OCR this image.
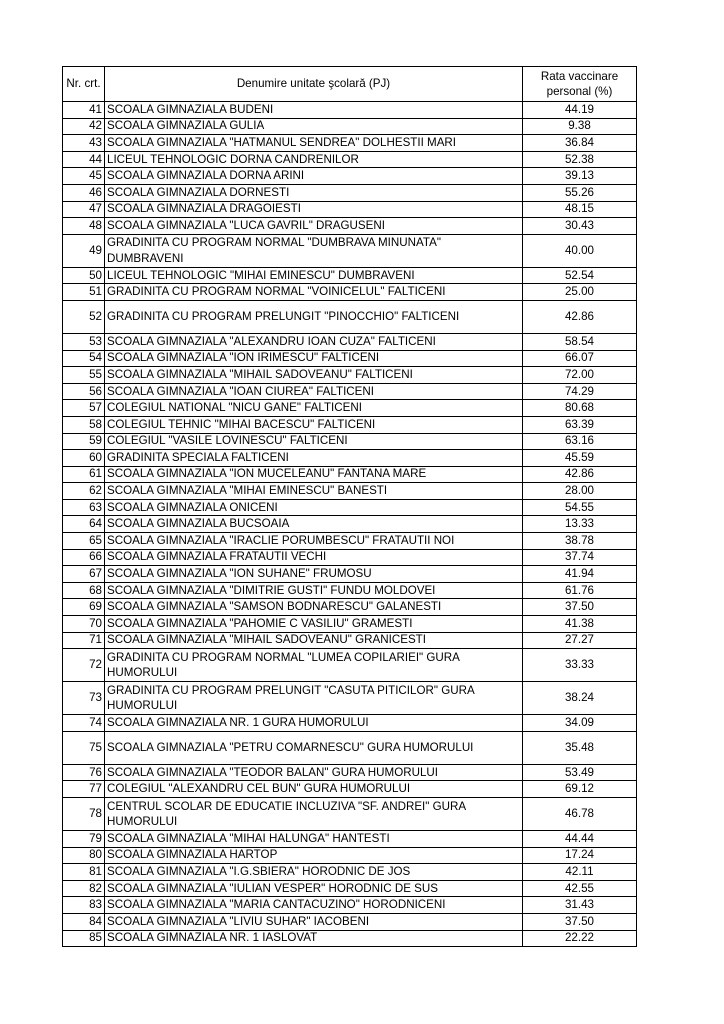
Nr. crt.	Denumire unitate şcolară (PJ)	Rata vaccinare personal (%)
41	SCOALA GIMNAZIALA BUDENI	44.19
42	SCOALA GIMNAZIALA GULIA	9.38
43	SCOALA GIMNAZIALA "HATMANUL SENDREA" DOLHESTII MARI	36.84
44	LICEUL TEHNOLOGIC DORNA CANDRENILOR	52.38
45	SCOALA GIMNAZIALA DORNA ARINI	39.13
46	SCOALA GIMNAZIALA DORNESTI	55.26
47	SCOALA GIMNAZIALA DRAGOIESTI	48.15
48	SCOALA GIMNAZIALA "LUCA GAVRIL" DRAGUSENI	30.43
49	GRADINITA CU PROGRAM NORMAL "DUMBRAVA MINUNATA" DUMBRAVENI	40.00
50	LICEUL TEHNOLOGIC "MIHAI EMINESCU" DUMBRAVENI	52.54
51	GRADINITA CU PROGRAM NORMAL "VOINICELUL" FALTICENI	25.00
52	GRADINITA CU PROGRAM PRELUNGIT "PINOCCHIO" FALTICENI	42.86
53	SCOALA GIMNAZIALA "ALEXANDRU IOAN CUZA" FALTICENI	58.54
54	SCOALA GIMNAZIALA "ION IRIMESCU" FALTICENI	66.07
55	SCOALA GIMNAZIALA "MIHAIL SADOVEANU" FALTICENI	72.00
56	SCOALA GIMNAZIALA "IOAN CIUREA" FALTICENI	74.29
57	COLEGIUL NATIONAL "NICU GANE" FALTICENI	80.68
58	COLEGIUL TEHNIC "MIHAI BACESCU" FALTICENI	63.39
59	COLEGIUL "VASILE LOVINESCU" FALTICENI	63.16
60	GRADINITA SPECIALA FALTICENI	45.59
61	SCOALA GIMNAZIALA "ION MUCELEANU" FANTANA MARE	42.86
62	SCOALA GIMNAZIALA "MIHAI EMINESCU" BANESTI	28.00
63	SCOALA GIMNAZIALA ONICENI	54.55
64	SCOALA GIMNAZIALA BUCSOAIA	13.33
65	SCOALA GIMNAZIALA "IRACLIE PORUMBESCU" FRATAUTII NOI	38.78
66	SCOALA GIMNAZIALA FRATAUTII VECHI	37.74
67	SCOALA GIMNAZIALA "ION SUHANE" FRUMOSU	41.94
68	SCOALA GIMNAZIALA "DIMITRIE GUSTI" FUNDU MOLDOVEI	61.76
69	SCOALA GIMNAZIALA "SAMSON BODNARESCU" GALANESTI	37.50
70	SCOALA GIMNAZIALA "PAHOMIE C VASILIU" GRAMESTI	41.38
71	SCOALA GIMNAZIALA "MIHAIL SADOVEANU" GRANICESTI	27.27
72	GRADINITA CU PROGRAM NORMAL "LUMEA COPILARIEI" GURA HUMORULUI	33.33
73	GRADINITA CU PROGRAM PRELUNGIT "CASUTA PITICILOR" GURA HUMORULUI	38.24
74	SCOALA GIMNAZIALA NR. 1 GURA HUMORULUI	34.09
75	SCOALA GIMNAZIALA "PETRU COMARNESCU" GURA HUMORULUI	35.48
76	SCOALA GIMNAZIALA "TEODOR BALAN" GURA HUMORULUI	53.49
77	COLEGIUL "ALEXANDRU CEL BUN" GURA HUMORULUI	69.12
78	CENTRUL SCOLAR DE EDUCATIE INCLUZIVA "SF. ANDREI" GURA HUMORULUI	46.78
79	SCOALA GIMNAZIALA "MIHAI HALUNGA" HANTESTI	44.44
80	SCOALA GIMNAZIALA HARTOP	17.24
81	SCOALA GIMNAZIALA "I.G.SBIERA" HORODNIC DE JOS	42.11
82	SCOALA GIMNAZIALA "IULIAN VESPER" HORODNIC DE SUS	42.55
83	SCOALA GIMNAZIALA "MARIA CANTACUZINO" HORODNICENI	31.43
84	SCOALA GIMNAZIALA "LIVIU SUHAR" IACOBENI	37.50
85	SCOALA GIMNAZIALA NR. 1 IASLOVAT	22.22
